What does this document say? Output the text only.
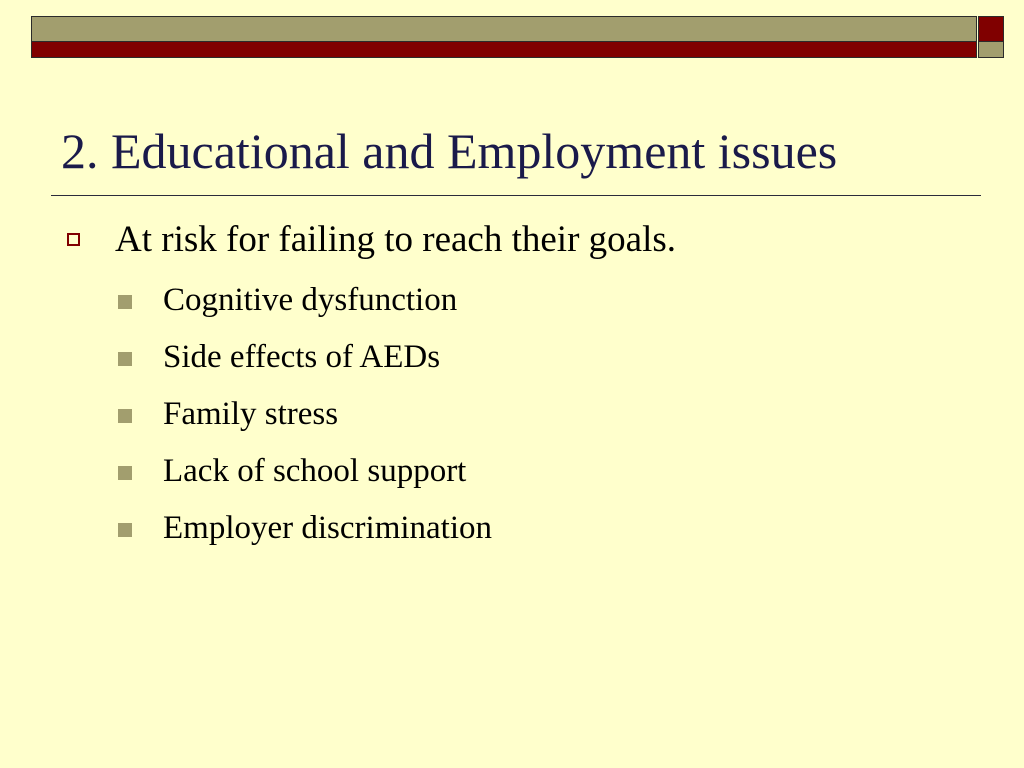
2. Educational and Employment issues
At risk for failing to reach their goals.
Cognitive dysfunction
Side effects of AEDs
Family stress
Lack of school support
Employer discrimination
